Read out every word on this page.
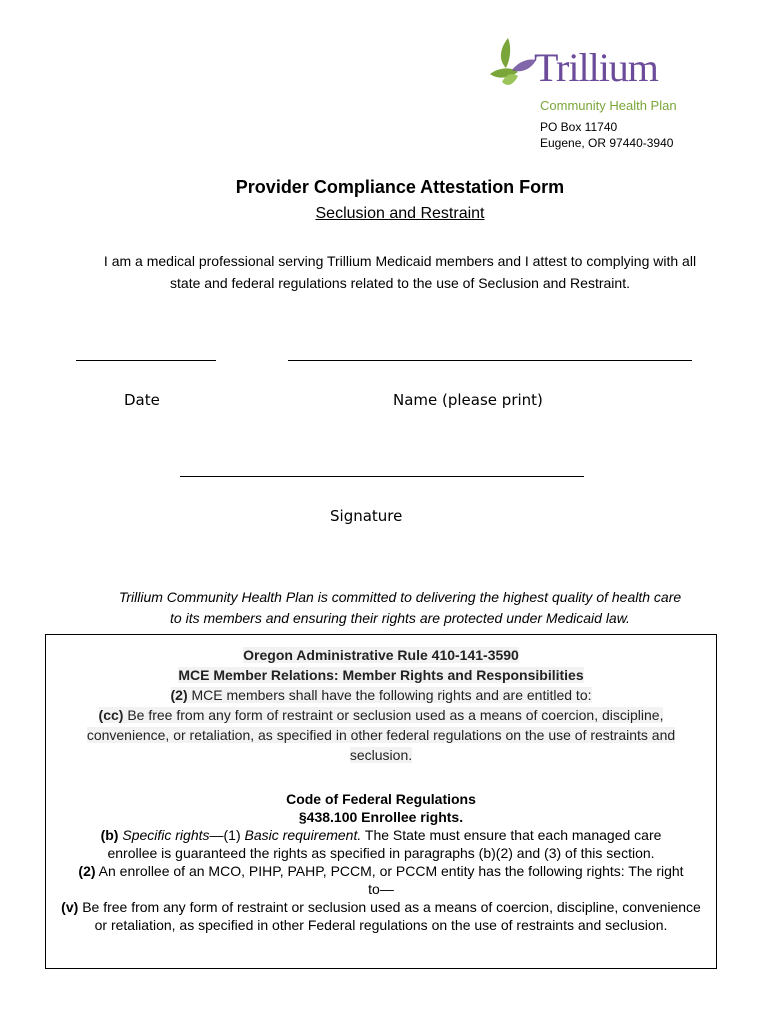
Trillium
Community Health Plan
PO Box 11740
Eugene, OR 97440-3940
Provider Compliance Attestation Form
Seclusion and Restraint
I am a medical professional serving Trillium Medicaid members and I attest to complying with all state and federal regulations related to the use of Seclusion and Restraint.
Date	Name (please print)
Signature
Trillium Community Health Plan is committed to delivering the highest quality of health care
to its members and ensuring their rights are protected under Medicaid law.
Oregon Administrative Rule 410-141-3590
MCE Member Relations: Member Rights and Responsibilities
(2) MCE members shall have the following rights and are entitled to:
(cc) Be free from any form of restraint or seclusion used as a means of coercion, discipline, convenience, or retaliation, as specified in other federal regulations on the use of restraints and seclusion.
Code of Federal Regulations
§438.100 Enrollee rights.
(b) Specific rights—(1) Basic requirement. The State must ensure that each managed care enrollee is guaranteed the rights as specified in paragraphs (b)(2) and (3) of this section.
(2) An enrollee of an MCO, PIHP, PAHP, PCCM, or PCCM entity has the following rights: The right to—
(v) Be free from any form of restraint or seclusion used as a means of coercion, discipline, convenience or retaliation, as specified in other Federal regulations on the use of restraints and seclusion.
